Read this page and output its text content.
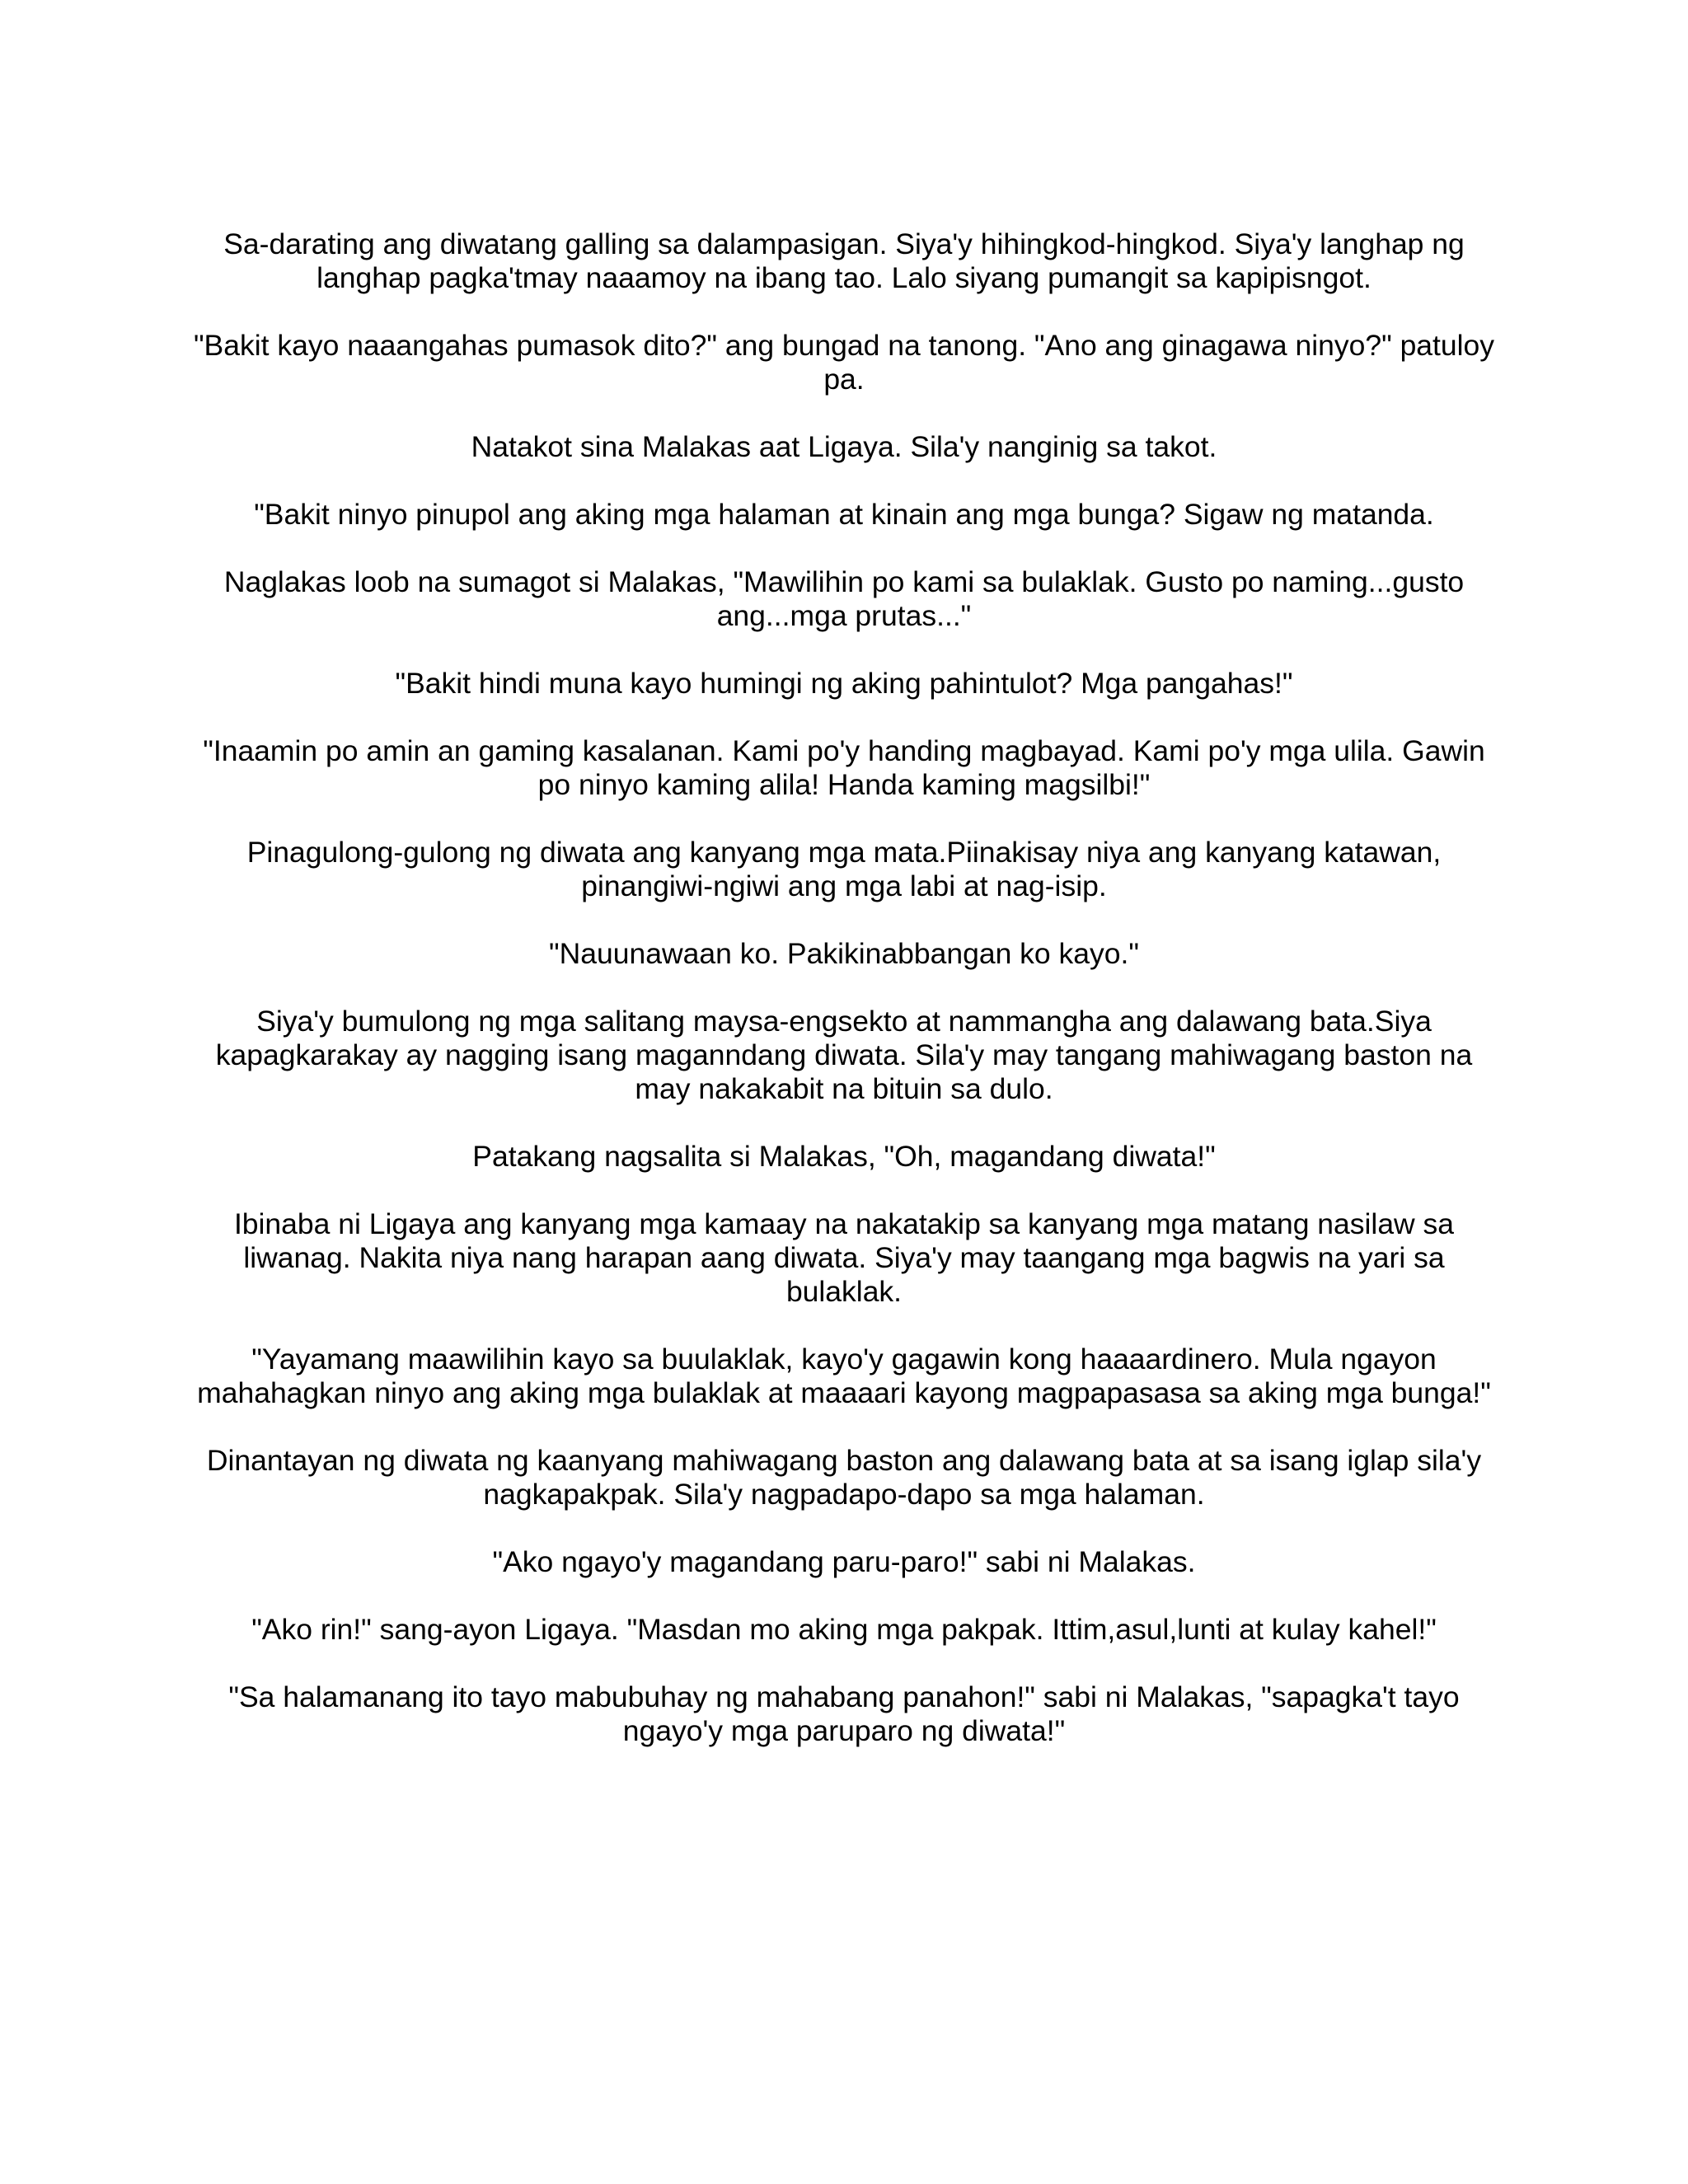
Sa-darating ang diwatang galling sa dalampasigan. Siya'y hihingkod-hingkod. Siya'y langhap ng langhap pagka'tmay naaamoy na ibang tao. Lalo siyang pumangit sa kapipisngot.

"Bakit kayo naaangahas pumasok dito?" ang bungad na tanong. "Ano ang ginagawa ninyo?" patuloy pa.

Natakot sina Malakas aat Ligaya. Sila'y nanginig sa takot.

"Bakit ninyo pinupol ang aking mga halaman at kinain ang mga bunga? Sigaw ng matanda.

Naglakas loob na sumagot si Malakas, "Mawilihin po kami sa bulaklak. Gusto po naming...gusto ang...mga prutas..."

"Bakit hindi muna kayo humingi ng aking pahintulot? Mga pangahas!"

"Inaamin po amin an gaming kasalanan. Kami po'y handing magbayad. Kami po'y mga ulila. Gawin po ninyo kaming alila! Handa kaming magsilbi!"

Pinagulong-gulong ng diwata ang kanyang mga mata.Piinakisay niya ang kanyang katawan, pinangiwi-ngiwi ang mga labi at nag-isip.

"Nauunawaan ko. Pakikinabbangan ko kayo."

Siya'y bumulong ng mga salitang maysa-engsekto at nammangha ang dalawang bata.Siya kapagkarakay ay nagging isang maganndang diwata. Sila'y may tangang mahiwagang baston na may nakakabit na bituin sa dulo.

Patakang nagsalita si Malakas, "Oh, magandang diwata!"

Ibinaba ni Ligaya ang kanyang mga kamaay na nakatakip sa kanyang mga matang nasilaw sa liwanag. Nakita niya nang harapan aang diwata. Siya'y may taangang mga bagwis na yari sa bulaklak.

"Yayamang maawilihin kayo sa buulaklak, kayo'y gagawin kong haaaardinero. Mula ngayon mahahagkan ninyo ang aking mga bulaklak at maaaari kayong magpapasasa sa aking mga bunga!"

Dinantayan ng diwata ng kaanyang mahiwagang baston ang dalawang bata at sa isang iglap sila'y nagkapakpak. Sila'y nagpadapo-dapo sa mga halaman.

"Ako ngayo'y magandang paru-paro!" sabi ni Malakas.

"Ako rin!" sang-ayon Ligaya. "Masdan mo aking mga pakpak. Ittim,asul,lunti at kulay kahel!"

"Sa halamanang ito tayo mabubuhay ng mahabang panahon!" sabi ni Malakas, "sapagka't tayo ngayo'y mga paruparo ng diwata!"
